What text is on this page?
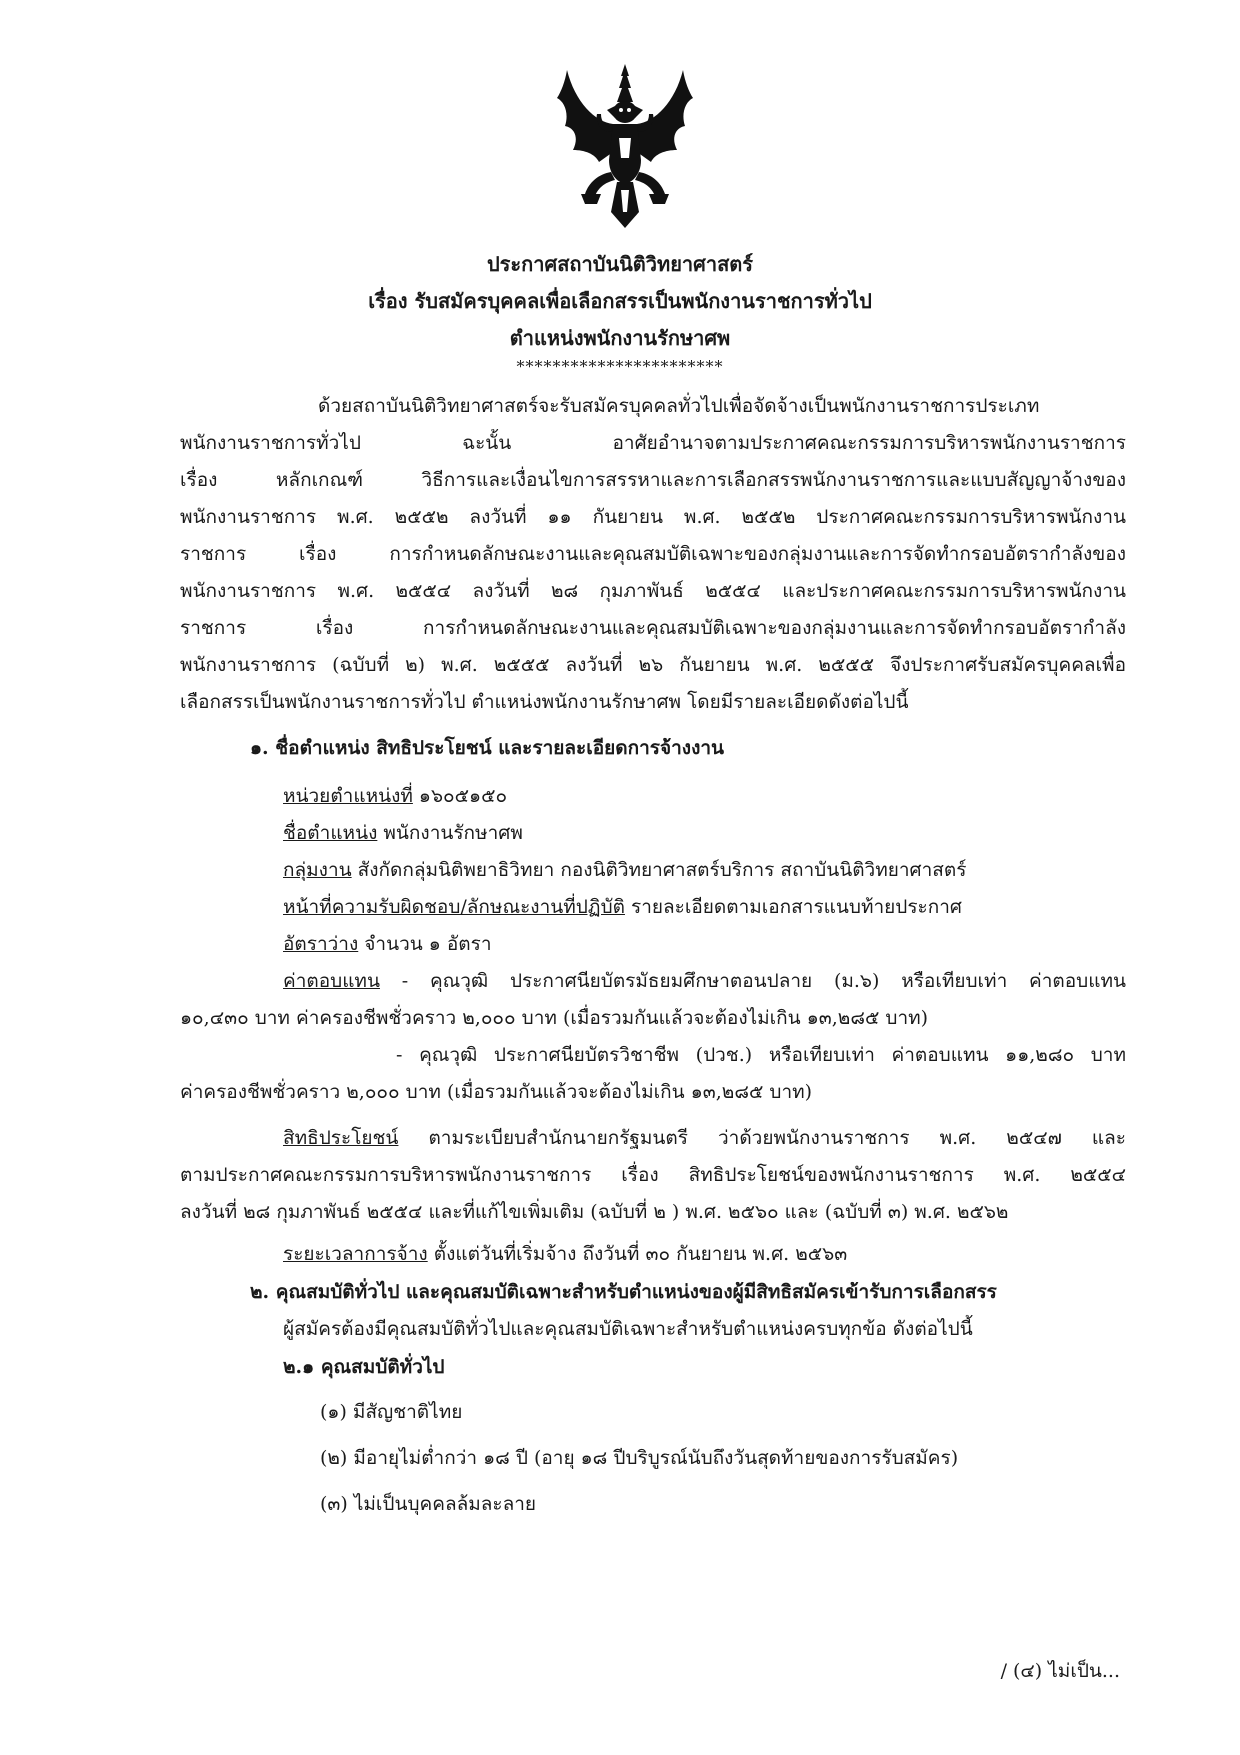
ประกาศสถาบันนิติวิทยาศาสตร์
เรื่อง รับสมัครบุคคลเพื่อเลือกสรรเป็นพนักงานราชการทั่วไป
ตำแหน่งพนักงานรักษาศพ
***********************
ด้วยสถาบันนิติวิทยาศาสตร์จะรับสมัครบุคคลทั่วไปเพื่อจัดจ้างเป็นพนักงานราชการประเภท
พนักงานราชการทั่วไป ฉะนั้น อาศัยอำนาจตามประกาศคณะกรรมการบริหารพนักงานราชการ
เรื่อง หลักเกณฑ์ วิธีการและเงื่อนไขการสรรหาและการเลือกสรรพนักงานราชการและแบบสัญญาจ้างของ
พนักงานราชการ พ.ศ. ๒๕๕๒ ลงวันที่ ๑๑ กันยายน พ.ศ. ๒๕๕๒ ประกาศคณะกรรมการบริหารพนักงาน
ราชการ เรื่อง การกำหนดลักษณะงานและคุณสมบัติเฉพาะของกลุ่มงานและการจัดทำกรอบอัตรากำลังของ
พนักงานราชการ พ.ศ. ๒๕๕๔ ลงวันที่ ๒๘ กุมภาพันธ์ ๒๕๕๔ และประกาศคณะกรรมการบริหารพนักงาน
ราชการ เรื่อง การกำหนดลักษณะงานและคุณสมบัติเฉพาะของกลุ่มงานและการจัดทำกรอบอัตรากำลัง
พนักงานราชการ (ฉบับที่ ๒) พ.ศ. ๒๕๕๕ ลงวันที่ ๒๖ กันยายน พ.ศ. ๒๕๕๕ จึงประกาศรับสมัครบุคคลเพื่อ
เลือกสรรเป็นพนักงานราชการทั่วไป ตำแหน่งพนักงานรักษาศพ โดยมีรายละเอียดดังต่อไปนี้
๑. ชื่อตำแหน่ง สิทธิประโยชน์ และรายละเอียดการจ้างงาน
หน่วยตำแหน่งที่ ๑๖๐๕๑๕๐
ชื่อตำแหน่ง พนักงานรักษาศพ
กลุ่มงาน สังกัดกลุ่มนิติพยาธิวิทยา กองนิติวิทยาศาสตร์บริการ สถาบันนิติวิทยาศาสตร์
หน้าที่ความรับผิดชอบ/ลักษณะงานที่ปฏิบัติ รายละเอียดตามเอกสารแนบท้ายประกาศ
อัตราว่าง จำนวน ๑ อัตรา
ค่าตอบแทน - คุณวุฒิ ประกาศนียบัตรมัธยมศึกษาตอนปลาย (ม.๖) หรือเทียบเท่า ค่าตอบแทน
๑๐,๔๓๐ บาท ค่าครองชีพชั่วคราว ๒,๐๐๐ บาท (เมื่อรวมกันแล้วจะต้องไม่เกิน ๑๓,๒๘๕ บาท)
- คุณวุฒิ ประกาศนียบัตรวิชาชีพ (ปวช.) หรือเทียบเท่า ค่าตอบแทน ๑๑,๒๘๐ บาท
ค่าครองชีพชั่วคราว ๒,๐๐๐ บาท (เมื่อรวมกันแล้วจะต้องไม่เกิน ๑๓,๒๘๕ บาท)
สิทธิประโยชน์ ตามระเบียบสำนักนายกรัฐมนตรี ว่าด้วยพนักงานราชการ พ.ศ. ๒๕๔๗ และ
ตามประกาศคณะกรรมการบริหารพนักงานราชการ เรื่อง สิทธิประโยชน์ของพนักงานราชการ พ.ศ. ๒๕๕๔
ลงวันที่ ๒๘ กุมภาพันธ์ ๒๕๕๔ และที่แก้ไขเพิ่มเติม (ฉบับที่ ๒ ) พ.ศ. ๒๕๖๐ และ (ฉบับที่ ๓) พ.ศ. ๒๕๖๒
ระยะเวลาการจ้าง ตั้งแต่วันที่เริ่มจ้าง ถึงวันที่ ๓๐ กันยายน พ.ศ. ๒๕๖๓
๒. คุณสมบัติทั่วไป และคุณสมบัติเฉพาะสำหรับตำแหน่งของผู้มีสิทธิสมัครเข้ารับการเลือกสรร
ผู้สมัครต้องมีคุณสมบัติทั่วไปและคุณสมบัติเฉพาะสำหรับตำแหน่งครบทุกข้อ ดังต่อไปนี้
๒.๑ คุณสมบัติทั่วไป
(๑) มีสัญชาติไทย
(๒) มีอายุไม่ต่ำกว่า ๑๘ ปี (อายุ ๑๘ ปีบริบูรณ์นับถึงวันสุดท้ายของการรับสมัคร)
(๓) ไม่เป็นบุคคลล้มละลาย
/ (๔) ไม่เป็น...
